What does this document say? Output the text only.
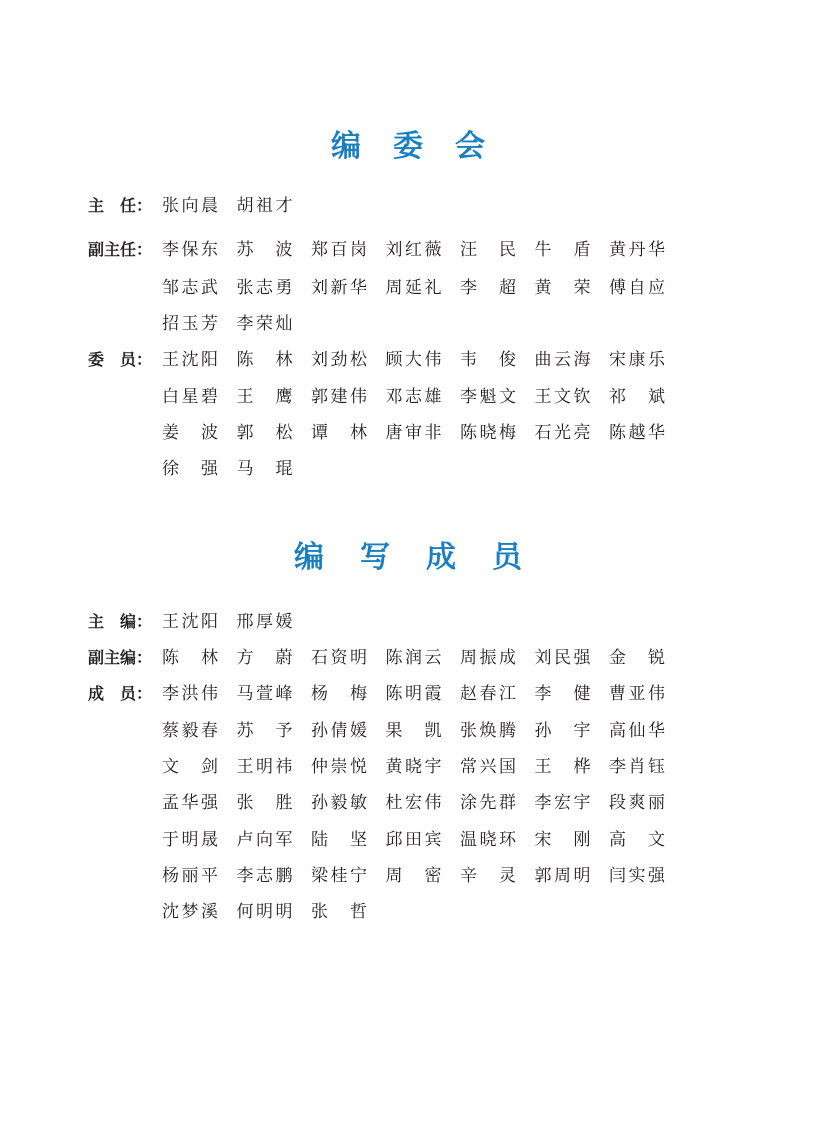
编 委 会
编 写 成 员
主　任： 张 向 晨 胡 祖 才
副主任： 李 保 东 苏 波 郑 百 岗 刘 红 薇 汪 民 牛 盾 黄 丹 华
邹 志 武 张 志 勇 刘 新 华 周 延 礼 李 超 黄 荣 傅 自 应
招 玉 芳 李 荣 灿
委　员： 王 沈 阳 陈 林 刘 劲 松 顾 大 伟 韦 俊 曲 云 海 宋 康 乐
白 星 碧 王 鹰 郭 建 伟 邓 志 雄 李 魁 文 王 文 钦 祁 斌
姜 波 郭 松 谭 林 唐 审 非 陈 晓 梅 石 光 亮 陈 越 华
徐 强 马 琨
主　编： 王 沈 阳 邢 厚 媛
副主编： 陈 林 方 蔚 石 资 明 陈 润 云 周 振 成 刘 民 强 金 锐
成　员： 李 洪 伟 马 萱 峰 杨 梅 陈 明 霞 赵 春 江 李 健 曹 亚 伟
蔡 毅 春 苏 予 孙 倩 媛 果 凯 张 焕 腾 孙 宇 高 仙 华
文 剑 王 明 祎 仲 崇 悦 黄 晓 宇 常 兴 国 王 桦 李 肖 钰
孟 华 强 张 胜 孙 毅 敏 杜 宏 伟 涂 先 群 李 宏 宇 段 爽 丽
于 明 晟 卢 向 军 陆 坚 邱 田 宾 温 晓 环 宋 刚 高 文
杨 丽 平 李 志 鹏 梁 桂 宁 周 密 辛 灵 郭 周 明 闫 实 强
沈 梦 溪 何 明 明 张 哲
